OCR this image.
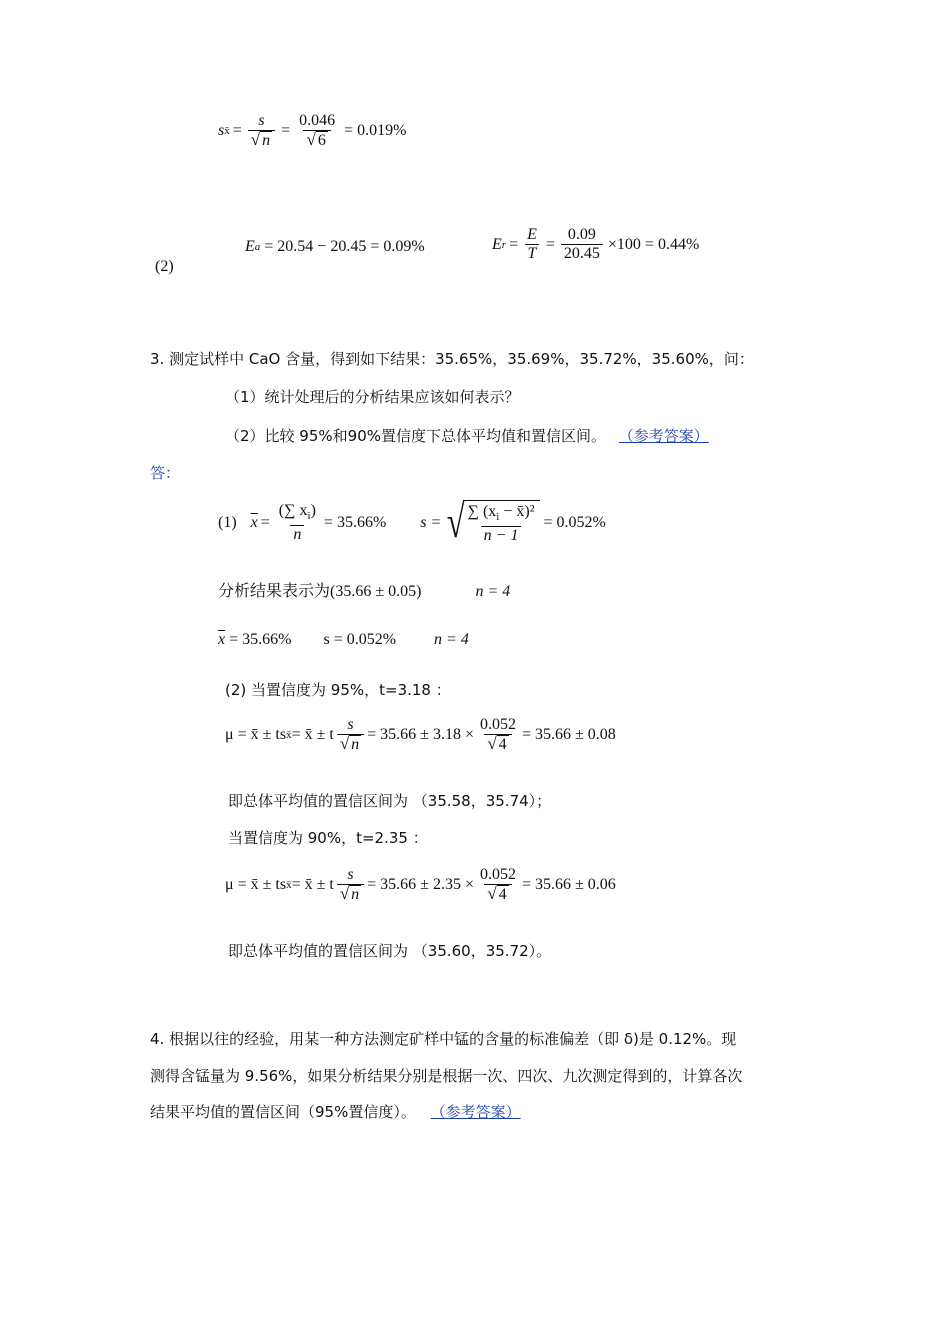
s x̄ = $\frac{s}{√ n} = \frac{0.046}{√ 6} = 0.019\%$
(2)
E a = 20.54 − 20.45 = 0.09%	E $r = \frac{E}{T} = \frac{0.09}{20.45} \times 100 = 0.44\%$
3. 测定试样中 CaO 含量，得到如下结果：35.65%，35.69%，35.72%，35.60%，问：
（1）统计处理后的分析结果应该如何表示？
（2）比较 95%和90%置信度下总体平均值和置信区间。 （参考答案）
答：
(1) $\overline{x} = \frac{(\sum x_i)}{n} = 35.66\%$ s = √ $\frac{\sum (x_i - x̄)^2}{n - 1} = 0.052\%$
分析结果表示为(35.66 ± 0.05)	n = 4
$\overline{x} = 35.66\%$ s = 0.052% n = 4
(2) 当置信度为 95%，t=3.18 ：
μ = x̄ ± ts x̄ = x̄ ± t $\frac{s}{√ n} = 35.66 \pm 3.18 \times \frac{0.052}{√ 4} = 35.66 \pm 0.08$
即总体平均值的置信区间为 （35.58，35.74）；
当置信度为 90%，t=2.35 ：
μ = x̄ ± ts x̄ = x̄ ± t $\frac{s}{√ n} = 35.66 \pm 2.35 \times \frac{0.052}{√ 4} = 35.66 \pm 0.06$
即总体平均值的置信区间为 （35.60，35.72）。
4. 根据以往的经验，用某一种方法测定矿样中锰的含量的标准偏差（即 δ)是 0.12%。现
测得含锰量为 9.56%，如果分析结果分别是根据一次、四次、九次测定得到的，计算各次
结果平均值的置信区间（95%置信度）。 （参考答案）
